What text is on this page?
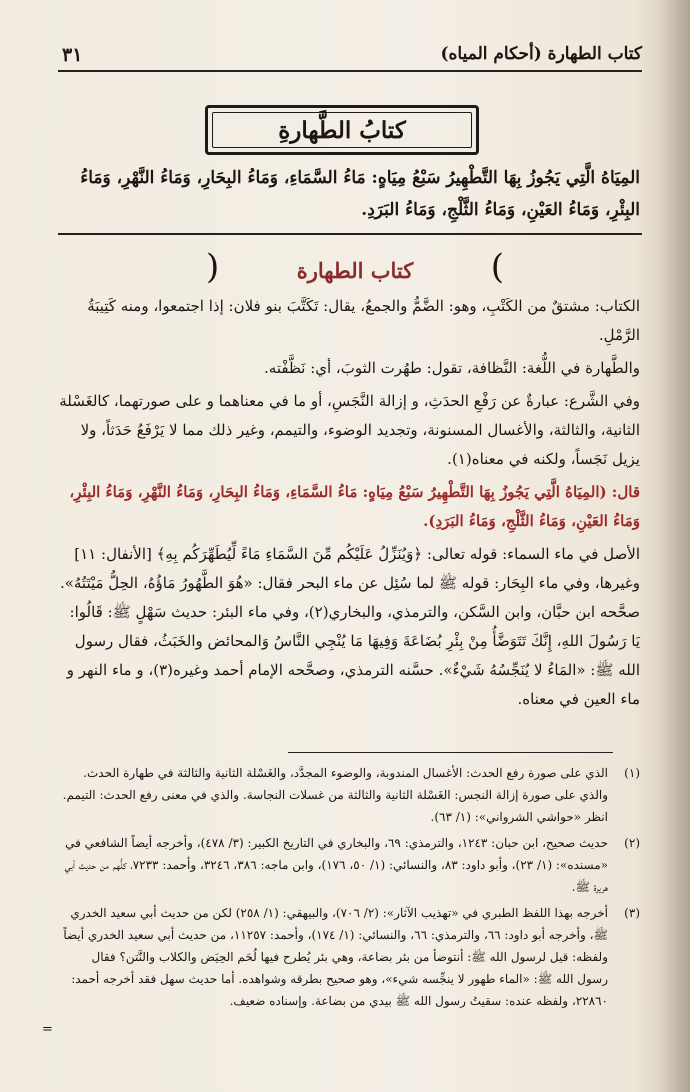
كتاب الطهارة (أحكام المياه)
٣١
كتابُ الطَّهارةِ
المِيَاهُ الَّتِي يَجُوزُ بِهَا التَّطْهِيرُ سَبْعُ مِيَاهٍ: مَاءُ السَّمَاءِ، وَمَاءُ البِحَارِ، وَمَاءُ النَّهْرِ، وَمَاءُ البِئْرِ، وَمَاءُ العَيْنِ، وَمَاءُ الثَّلْجِ، وَمَاءُ البَرَدِ.
(
كتاب الطهارة
)

الكتاب: مشتقٌ من الكَتْبِ، وهو: الضَّمُّ والجمعُ، يقال: تَكَتَّبَ بنو فلان: إذا اجتمعوا، ومنه كَتِيبَةُ الرَّمْلِ.

والطَّهارة في اللُّغة: النَّظافة، تقول: طهُرت الثوبَ، أي: نَظَّفْته.

وفي الشَّرع: عبارةٌ عن رَفْعِ الحدَثِ، و إزالة النَّجَسِ، أو ما في معناهما و على صورتهما، كالغَسْلة الثانية، والثالثة، والأغسال المسنونة، وتجديد الوضوء، والتيمم، وغير ذلك مما لا يَرْفَعُ حَدَثاً، ولا يزيل نَجَساً، ولكنه في معناه(١).

قال: (المِيَاهُ الَّتِي يَجُوزُ بِهَا التَّطْهِيرُ سَبْعُ مِيَاهٍ: مَاءُ السَّمَاءِ، وَمَاءُ البِحَارِ، وَمَاءُ النَّهْرِ، وَمَاءُ البِئْرِ، وَمَاءُ العَيْنِ، وَمَاءُ الثَّلْجِ، وَمَاءُ البَرَدِ).

الأصل في ماء السماء: قوله تعالى: ﴿وَيُنَزِّلُ عَلَيْكُم مِّنَ السَّمَاءِ مَاءً لِّيُطَهِّرَكُم بِهِ﴾ [الأنفال: ١١] وغيرها، وفي ماء البِحَار: قوله ﷺ لما سُئِل عن ماء البحر فقال: «هُوَ الطَّهُورُ مَاؤُهُ، الحِلُّ مَيْتَتُهُ». صحَّحه ابن حبَّان، وابن السَّكن، والترمذي، والبخاري(٢)، وفي ماء البئر: حديث سَهْلٍ ﷺ: قَالُوا: يَا رَسُولَ اللهِ، إِنَّكَ تَتَوَضَّأُ مِنْ بِئْرِ بُضَاعَةَ وَفِيهَا مَا يُنْجِي النَّاسُ وَالمحائض والخَبَثُ، فقال رسول الله ﷺ: «المَاءُ لا يُنَجِّسُهُ شَيْءٌ». حسَّنه الترمذي، وصحَّحه الإمام أحمد وغيره(٣)، و ماء النهر و ماء العين في معناه.

(١)
الذي على صورة رفع الحدث: الأغسال المندوبة، والوضوء المجدَّد، والغَسْلة الثانية والثالثة في طهارة الحدث. والذي على صورة إزالة النجس: الغَسْلة الثانية والثالثة من غسلات النجاسة. والذي في معنى رفع الحدث: التيمم. انظر «حواشي الشرواني»: (١/ ٦٣).
(٢)
حديث صحيح، ابن حبان: ١٢٤٣، والترمذي: ٦٩، والبخاري في التاريخ الكبير: (٣/ ٤٧٨)، وأخرجه أيضاً الشافعي في «مسنده»: (١/ ٢٣)، وأبو داود: ٨٣، والنسائي: (١/ ٥٠، ١٧٦)، وابن ماجه: ٣٨٦، ٣٢٤٦، وأحمد: ٧٢٣٣، كلُّهم من حديث أبي هريرة ﷺ.
(٣)
أخرجه بهذا اللفظ الطبري في «تهذيب الآثار»: (٢/ ٧٠٦)، والبيهقي: (١/ ٢٥٨) لكن من حديث أبي سعيد الخدري ﷺ، وأخرجه أبو داود: ٦٦، والترمذي: ٦٦، والنسائي: (١/ ١٧٤)، وأحمد: ١١٢٥٧، من حديث أبي سعيد الخدري أيضاً ولفظه: قيل لرسول الله ﷺ: أنتوضأ من بئر بضاعة، وهي بئر يُطرح فيها لُحَم الحِيَض والكلاب والنَّتن؟ فقال رسول الله ﷺ: «الماء طهور لا ينجِّسه شيء»، وهو صحيح بطرقه وشواهده. أما حديث سهل فقد أخرجه أحمد: ٢٢٨٦٠، ولفظه عنده: سقيتُ رسول الله ﷺ بيدي من بضاعة. وإسناده ضعيف.
=
